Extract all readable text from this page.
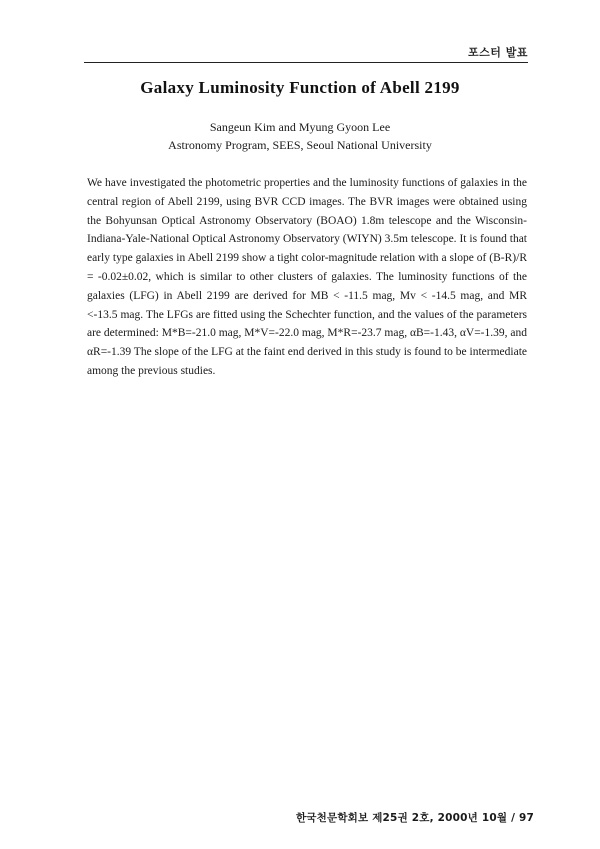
포스터 발표
Galaxy Luminosity Function of Abell 2199
Sangeun Kim and Myung Gyoon Lee
Astronomy Program, SEES, Seoul National University
We have investigated the photometric properties and the luminosity functions of galaxies in the central region of Abell 2199, using BVR CCD images. The BVR images were obtained using the Bohyunsan Optical Astronomy Observatory (BOAO) 1.8m telescope and the Wisconsin-Indiana-Yale-National Optical Astronomy Observatory (WIYN) 3.5m telescope. It is found that early type galaxies in Abell 2199 show a tight color-magnitude relation with a slope of (B-R)/R = -0.02±0.02, which is similar to other clusters of galaxies. The luminosity functions of the galaxies (LFG) in Abell 2199 are derived for MB < -11.5 mag, Mv < -14.5 mag, and MR <-13.5 mag. The LFGs are fitted using the Schechter function, and the values of the parameters are determined: M*B=-21.0 mag, M*V=-22.0 mag, M*R=-23.7 mag, αB=-1.43, αV=-1.39, and αR=-1.39 The slope of the LFG at the faint end derived in this study is found to be intermediate among the previous studies.
한국천문학회보 제25권 2호, 2000년 10월 / 97
